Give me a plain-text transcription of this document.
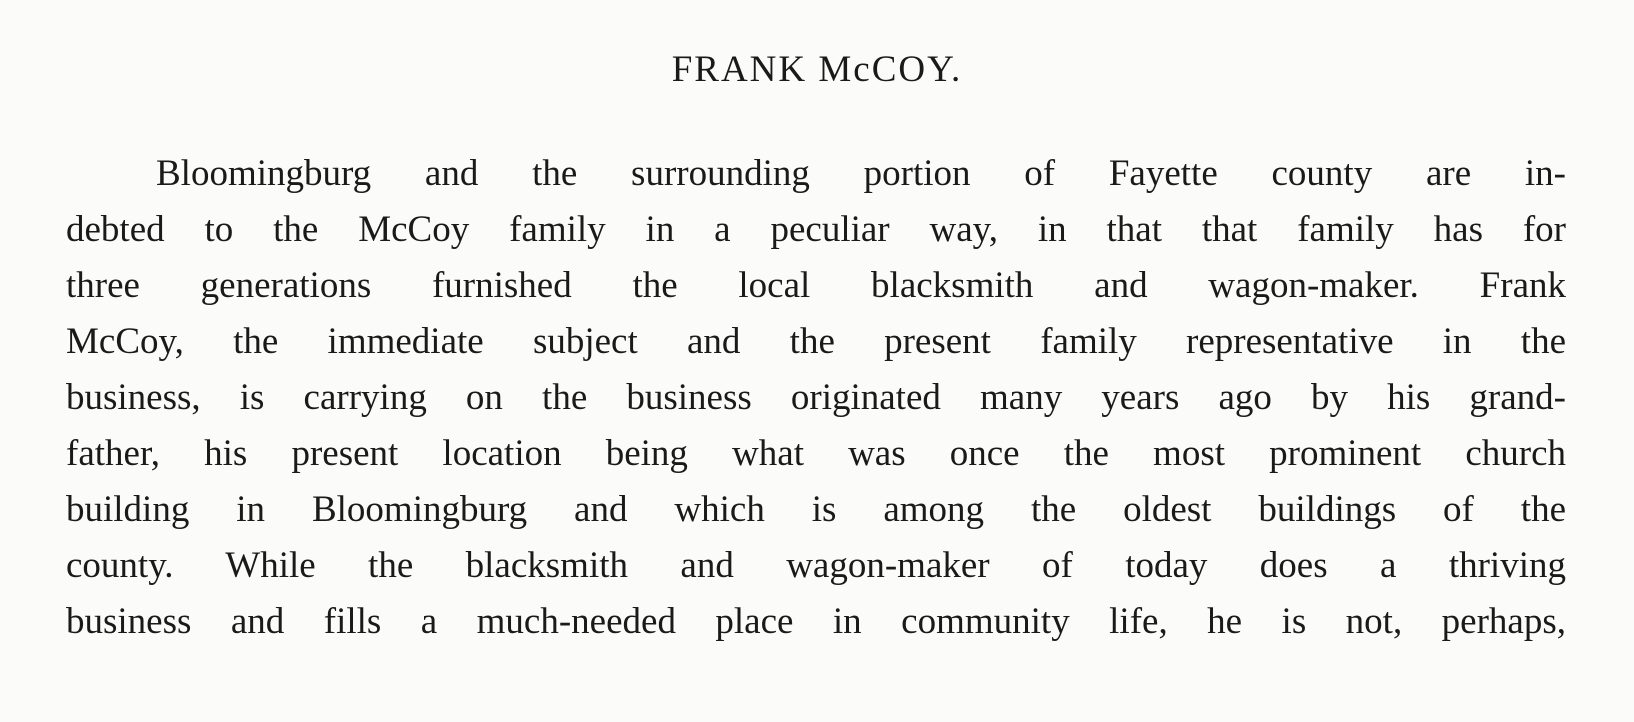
FRANK McCOY.
Bloomingburg and the surrounding portion of Fayette county are in-
debted to the McCoy family in a peculiar way, in that that family has for
three generations furnished the local blacksmith and wagon-maker. Frank
McCoy, the immediate subject and the present family representative in the
business, is carrying on the business originated many years ago by his grand-
father, his present location being what was once the most prominent church
building in Bloomingburg and which is among the oldest buildings of the
county. While the blacksmith and wagon-maker of today does a thriving
business and fills a much-needed place in community life, he is not, perhaps,
